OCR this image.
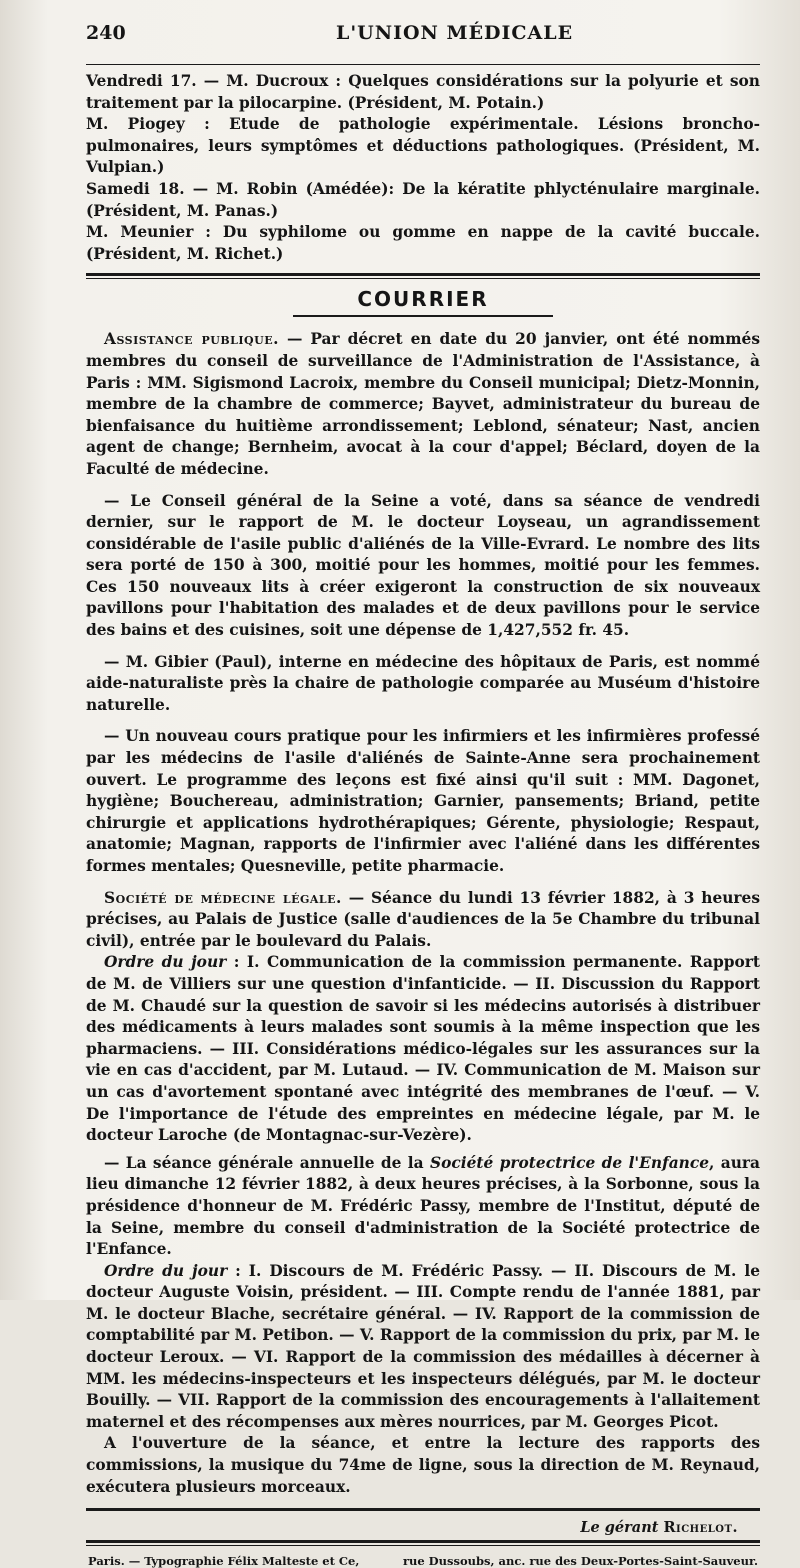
240	L'UNION MÉDICALE

Vendredi 17. — M. Ducroux : Quelques considérations sur la polyurie et son traitement par la pilocarpine. (Président, M. Potain.)

M. Piogey : Etude de pathologie expérimentale. Lésions broncho-pulmonaires, leurs symptômes et déductions pathologiques. (Président, M. Vulpian.)

Samedi 18. — M. Robin (Amédée): De la kératite phlycténulaire marginale. (Président, M. Panas.)

M. Meunier : Du syphilome ou gomme en nappe de la cavité buccale. (Président, M. Richet.)

COURRIER

Assistance publique. — Par décret en date du 20 janvier, ont été nommés membres du conseil de surveillance de l'Administration de l'Assistance, à Paris : MM. Sigismond Lacroix, membre du Conseil municipal; Dietz-Monnin, membre de la chambre de commerce; Bayvet, administrateur du bureau de bienfaisance du huitième arrondissement; Leblond, sénateur; Nast, ancien agent de change; Bernheim, avocat à la cour d'appel; Béclard, doyen de la Faculté de médecine.

— Le Conseil général de la Seine a voté, dans sa séance de vendredi dernier, sur le rapport de M. le docteur Loyseau, un agrandissement considérable de l'asile public d'aliénés de la Ville-Evrard. Le nombre des lits sera porté de 150 à 300, moitié pour les hommes, moitié pour les femmes. Ces 150 nouveaux lits à créer exigeront la construction de six nouveaux pavillons pour l'habitation des malades et de deux pavillons pour le service des bains et des cuisines, soit une dépense de 1,427,552 fr. 45.

— M. Gibier (Paul), interne en médecine des hôpitaux de Paris, est nommé aide-naturaliste près la chaire de pathologie comparée au Muséum d'histoire naturelle.

— Un nouveau cours pratique pour les infirmiers et les infirmières professé par les médecins de l'asile d'aliénés de Sainte-Anne sera prochainement ouvert. Le programme des leçons est fixé ainsi qu'il suit : MM. Dagonet, hygiène; Bouchereau, administration; Garnier, pansements; Briand, petite chirurgie et applications hydrothérapiques; Gérente, physiologie; Respaut, anatomie; Magnan, rapports de l'infirmier avec l'aliéné dans les différentes formes mentales; Quesneville, petite pharmacie.

Société de médecine légale. — Séance du lundi 13 février 1882, à 3 heures précises, au Palais de Justice (salle d'audiences de la 5e Chambre du tribunal civil), entrée par le boulevard du Palais.

Ordre du jour : I. Communication de la commission permanente. Rapport de M. de Villiers sur une question d'infanticide. — II. Discussion du Rapport de M. Chaudé sur la question de savoir si les médecins autorisés à distribuer des médicaments à leurs malades sont soumis à la même inspection que les pharmaciens. — III. Considérations médico-légales sur les assurances sur la vie en cas d'accident, par M. Lutaud. — IV. Communication de M. Maison sur un cas d'avortement spontané avec intégrité des membranes de l'œuf. — V. De l'importance de l'étude des empreintes en médecine légale, par M. le docteur Laroche (de Montagnac-sur-Vezère).

— La séance générale annuelle de la Société protectrice de l'Enfance, aura lieu dimanche 12 février 1882, à deux heures précises, à la Sorbonne, sous la présidence d'honneur de M. Frédéric Passy, membre de l'Institut, député de la Seine, membre du conseil d'administration de la Société protectrice de l'Enfance.

Ordre du jour : I. Discours de M. Frédéric Passy. — II. Discours de M. le docteur Auguste Voisin, président. — III. Compte rendu de l'année 1881, par M. le docteur Blache, secrétaire général. — IV. Rapport de la commission de comptabilité par M. Petibon. — V. Rapport de la commission du prix, par M. le docteur Leroux. — VI. Rapport de la commission des médailles à décerner à MM. les médecins-inspecteurs et les inspecteurs délégués, par M. le docteur Bouilly. — VII. Rapport de la commission des encouragements à l'allaitement maternel et des récompenses aux mères nourrices, par M. Georges Picot.

A l'ouverture de la séance, et entre la lecture des rapports des commissions, la musique du 74me de ligne, sous la direction de M. Reynaud, exécutera plusieurs morceaux.

Le gérant Richelot.
Paris. — Typographie Félix Malteste et Ce,	rue Dussoubs, anc. rue des Deux-Portes-Saint-Sauveur.
